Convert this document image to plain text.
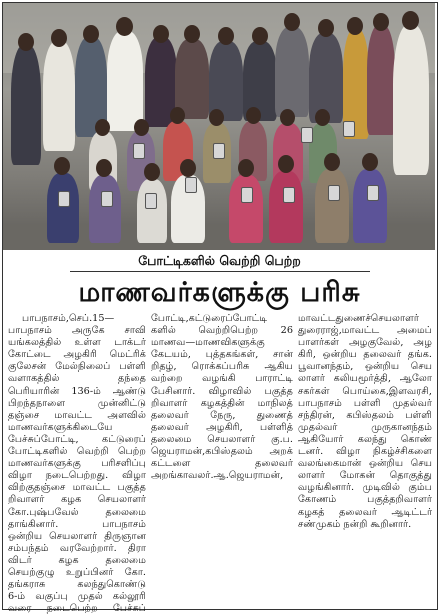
போட்டிகளில் வெற்றி பெற்ற
மாணவர்களுக்கு பரிசு
பாபநாசம்,செப்.15—
பாபநாசம் அருகே சாவி
யங்கலத்தில் உள்ள டாக்டர்
கோட்டை அழகிரி மெட்ரிக்
குலேசன் மேல்நிலைப் பள்ளி
வளாகத்தில் தந்தை
பெரியாரின் 136-ம் ஆண்டு
பிறந்தநாளை முன்னிட்டு
தஞ்சை மாவட்ட அளவில்
மாணவர்களுக்கிடையே
பேச்சுப்போட்டி, கட்டுரைப்
போட்டிகளில் வெற்றி பெற்ற
மாணவர்களுக்கு பரிசளிப்பு
விழா நடைபெற்றது. விழா
விற்குதஞ்சை மாவட்ட பகுத்த
றிவாளர் கழக செயலாளர்
கோ.புஷ்பவேல் தலைமை
தாங்கினார். பாபநாசம்
ஒன்றிய செயலாளர் திருஞான
சம்பந்தம் வரவேற்றார். திரா
விடர் கழக தலைமை
செயற்குழு உறுப்பினர் கோ.
தங்கராசு கலந்துகொண்டு
6-ம் வகுப்பு முதல் கல்லூரி
வரை நடைபெற்ற பேச்சுப்
போட்டி,கட்டுரைப்போட்டி
களில் வெற்றிபெற்ற 26
மாணவ—மாணவிகளுக்கு
கேடயம், புத்தகங்கள், சான்
றிதழ், ரொக்கப்பரிசு ஆகிய
வற்றை வழங்கி பாராட்டி
பேசினார். விழாவில் பகுத்த
றிவாளர் கழகத்தின் மாநிலத்
தலைவர் நேரு, துணைத்
தலைவர் அழகிரி, பள்ளித்
தலைமை செயலாளர் கு.ப.
ஜெயராமன்,கபிஸ்தலம் அறக்
கட்டளை தலைவர்
அறங்காவலர்.ஆ.ஜெயராமன்,
மாவட்டதுணைச்செயலாளர்
துரைராஜ்,மாவட்ட அமைப்
பாளர்கள் அழகுவேல், அழ
கிரி, ஒன்றிய தலைவர் தங்க.
பூவானந்தம், ஒன்றிய செய
லாளர் கலியமூர்த்தி, ஆலோ
சகர்கள் பொய்கை,இளவரசி,
பாபநாசம் பள்ளி முதல்வர்
சந்திரன், கபிஸ்தலம் பள்ளி
முதல்வர் முருகானந்தம்
ஆகியோர் கலந்து கொண்
டனர். விழா நிகழ்ச்சிகளை
வலங்கைமான் ஒன்றிய செய
லாளர் மோகன் தொகுத்து
வழங்கினார். முடிவில் கும்ப
கோணம் பகுத்தறிவாளர்
கழகத் தலைவர் ஆடிட்டர்
சண்முகம் நன்றி கூறினார்.
